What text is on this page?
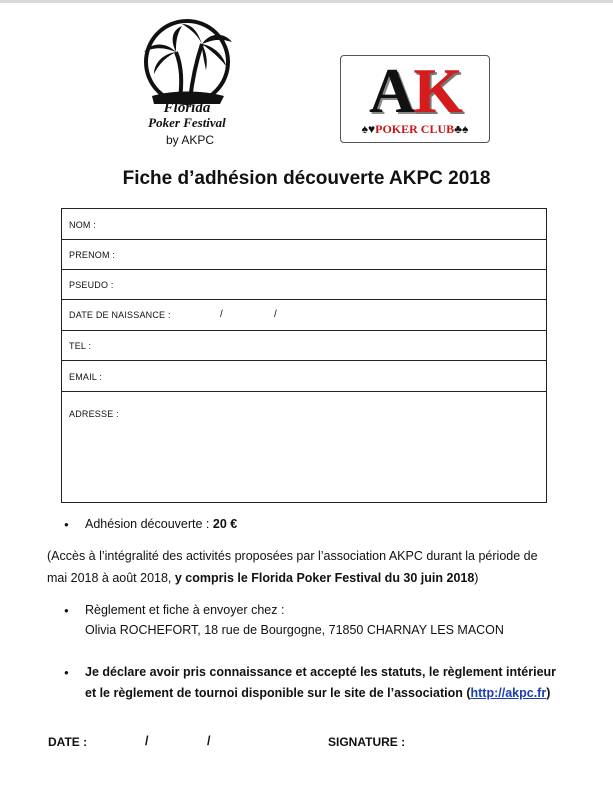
Florida
Poker Festival
by AKPC
AK
♠♥POKER CLUB♣♠
Fiche d’adhésion découverte AKPC 2018
NOM :
PRENOM :
PSEUDO :
DATE DE NAISSANCE :	/	/
TEL :
EMAIL :
ADRESSE :
● Adhésion découverte : 20 €
(Accès à l’intégralité des activités proposées par l’association AKPC durant la période de
mai 2018 à août 2018, y compris le Florida Poker Festival du 30 juin 2018)
● Règlement et fiche à envoyer chez :
Olivia ROCHEFORT, 18 rue de Bourgogne, 71850 CHARNAY LES MACON
● Je déclare avoir pris connaissance et accepté les statuts, le règlement intérieur
et le règlement de tournoi disponible sur le site de l’association (http://akpc.fr)
DATE :	/	/	SIGNATURE :
